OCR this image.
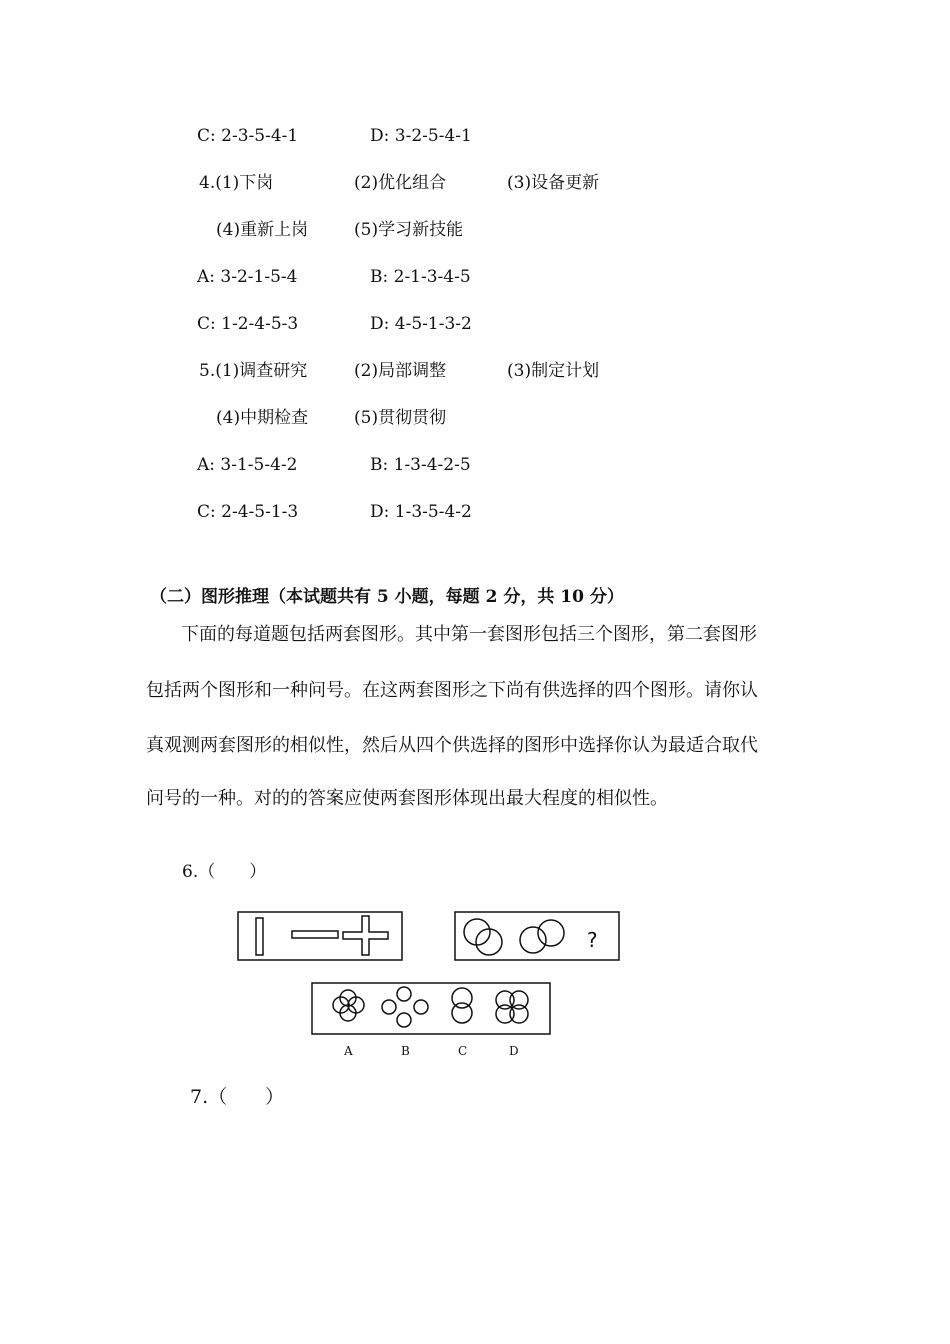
C: 2-3-5-4-1	D: 3-2-5-4-1
4.(1)下岗	(2)优化组合	(3)设备更新
(4)重新上岗	(5)学习新技能
A: 3-2-1-5-4	B: 2-1-3-4-5
C: 1-2-4-5-3	D: 4-5-1-3-2
5.(1)调查研究	(2)局部调整	(3)制定计划
(4)中期检查	(5)贯彻贯彻
A: 3-1-5-4-2	B: 1-3-4-2-5
C: 2-4-5-1-3	D: 1-3-5-4-2
（二）图形推理（本试题共有 5 小题，每题 2 分，共 10 分）
下面的每道题包括两套图形。其中第一套图形包括三个图形，第二套图形
包括两个图形和一种问号。在这两套图形之下尚有供选择的四个图形。请你认
真观测两套图形的相似性，然后从四个供选择的图形中选择你认为最适合取代
问号的一种。对的的答案应使两套图形体现出最大程度的相似性。
6.（　　）
?
A	B	C	D
7.（　　）
